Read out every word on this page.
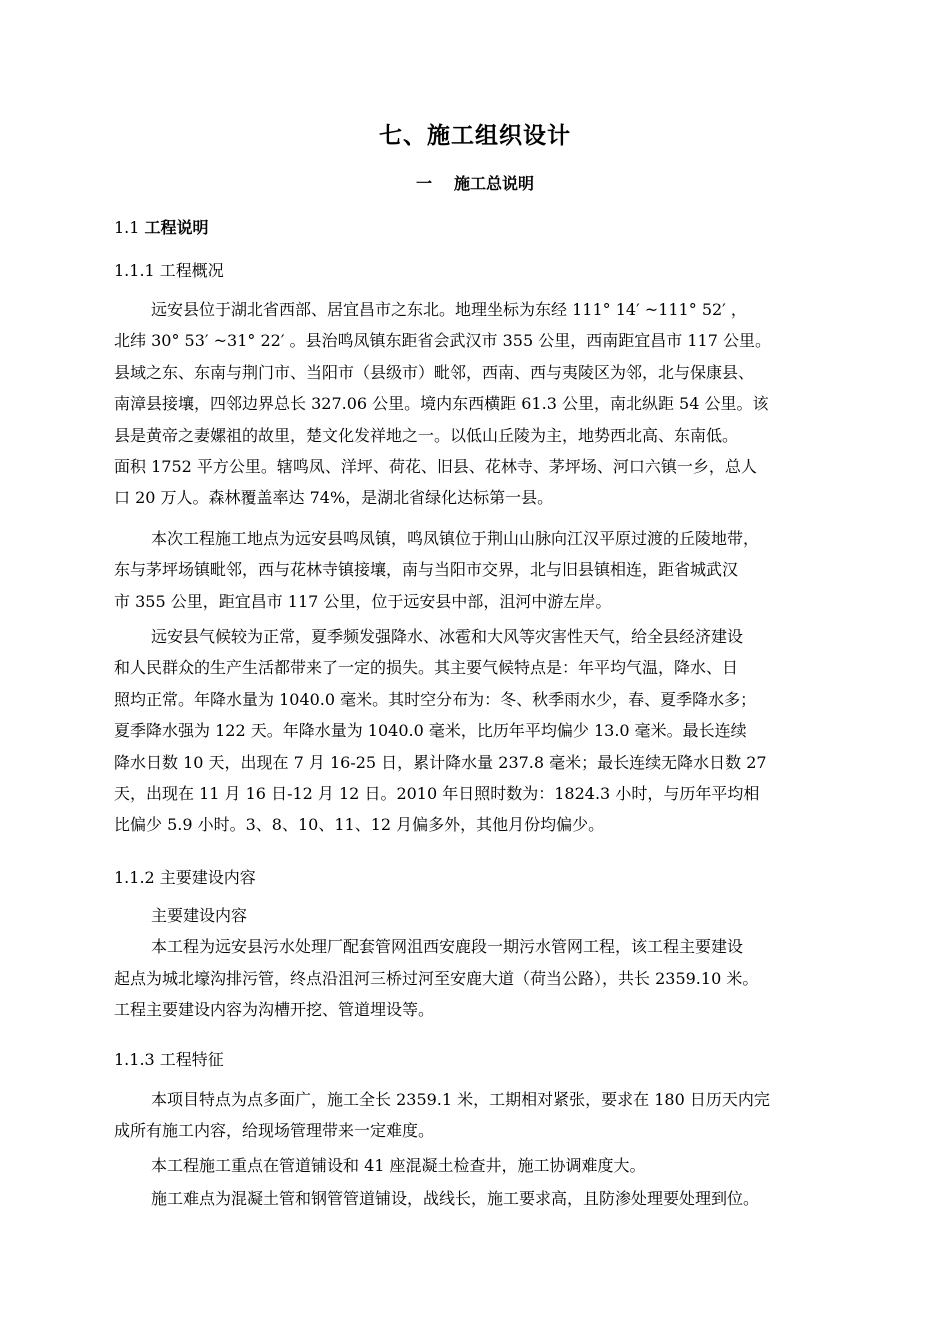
七、施工组织设计
一 施工总说明
1.1 工程说明
1.1.1 工程概况
远安县位于湖北省西部、居宜昌市之东北。地理坐标为东经 111° 14′ ~111° 52′ ，
北纬 30° 53′ ~31° 22′ 。县治鸣凤镇东距省会武汉市 355 公里，西南距宜昌市 117 公里。
县域之东、东南与荆门市、当阳市（县级市）毗邻，西南、西与夷陵区为邻，北与保康县、
南漳县接壤，四邻边界总长 327.06 公里。境内东西横距 61.3 公里，南北纵距 54 公里。该
县是黄帝之妻嫘祖的故里，楚文化发祥地之一。以低山丘陵为主，地势西北高、东南低。
面积 1752 平方公里。辖鸣凤、洋坪、荷花、旧县、花林寺、茅坪场、河口六镇一乡，总人
口 20 万人。森林覆盖率达 74%，是湖北省绿化达标第一县。
本次工程施工地点为远安县鸣凤镇，鸣凤镇位于荆山山脉向江汉平原过渡的丘陵地带，
东与茅坪场镇毗邻，西与花林寺镇接壤，南与当阳市交界，北与旧县镇相连，距省城武汉
市 355 公里，距宜昌市 117 公里，位于远安县中部，沮河中游左岸。
远安县气候较为正常，夏季频发强降水、冰雹和大风等灾害性天气，给全县经济建设
和人民群众的生产生活都带来了一定的损失。其主要气候特点是：年平均气温，降水、日
照均正常。年降水量为 1040.0 毫米。其时空分布为：冬、秋季雨水少，春、夏季降水多；
夏季降水强为 122 天。年降水量为 1040.0 毫米，比历年平均偏少 13.0 毫米。最长连续
降水日数 10 天，出现在 7 月 16-25 日，累计降水量 237.8 毫米；最长连续无降水日数 27
天，出现在 11 月 16 日-12 月 12 日。2010 年日照时数为：1824.3 小时，与历年平均相
比偏少 5.9 小时。3、8、10、11、12 月偏多外，其他月份均偏少。
1.1.2 主要建设内容
主要建设内容
本工程为远安县污水处理厂配套管网沮西安鹿段一期污水管网工程，该工程主要建设
起点为城北壕沟排污管，终点沿沮河三桥过河至安鹿大道（荷当公路），共长 2359.10 米。
工程主要建设内容为沟槽开挖、管道埋设等。
1.1.3 工程特征
本项目特点为点多面广，施工全长 2359.1 米，工期相对紧张，要求在 180 日历天内完
成所有施工内容，给现场管理带来一定难度。
本工程施工重点在管道铺设和 41 座混凝土检查井，施工协调难度大。
施工难点为混凝土管和钢管管道铺设，战线长，施工要求高，且防渗处理要处理到位。
